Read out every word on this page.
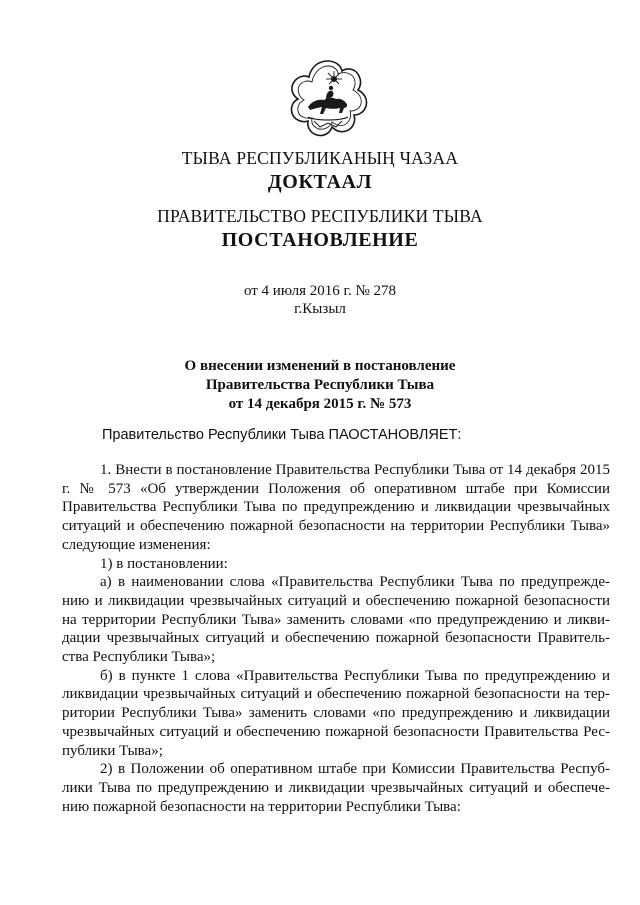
ТЫВА РЕСПУБЛИКАНЫҢ ЧАЗАА
ДОКТААЛ
ПРАВИТЕЛЬСТВО РЕСПУБЛИКИ ТЫВА
ПОСТАНОВЛЕНИЕ
от 4 июля 2016 г. № 278
г.Кызыл
О внесении изменений в постановление
Правительства Республики Тыва
от 14 декабря 2015 г. № 573
Правительство Республики Тыва ПАОСТАНОВЛЯЕТ:

1. Внести в постановление Правительства Республики Тыва от 14 декабря 2015 г. № 573 «Об утверждении Положения об оперативном штабе при Комиссии Правительства Республики Тыва по предупреждению и ликвидации чрезвычайных ситуаций и обеспечению пожарной безопасности на территории Республики Тыва» следующие изменения:

1) в постановлении:

а) в наименовании слова «Правительства Республики Тыва по предупреждению и ликвидации чрезвычайных ситуаций и обеспечению пожарной безопасности на территории Республики Тыва» заменить словами «по предупреждению и ликвидации чрезвычайных ситуаций и обеспечению пожарной безопасности Правительства Республики Тыва»;

б) в пункте 1 слова «Правительства Республики Тыва по предупреждению и ликвидации чрезвычайных ситуаций и обеспечению пожарной безопасности на территории Республики Тыва» заменить словами «по предупреждению и ликвидации чрезвычайных ситуаций и обеспечению пожарной безопасности Правительства Республики Тыва»;

2) в Положении об оперативном штабе при Комиссии Правительства Республики Тыва по предупреждению и ликвидации чрезвычайных ситуаций и обеспечению пожарной безопасности на территории Республики Тыва:
